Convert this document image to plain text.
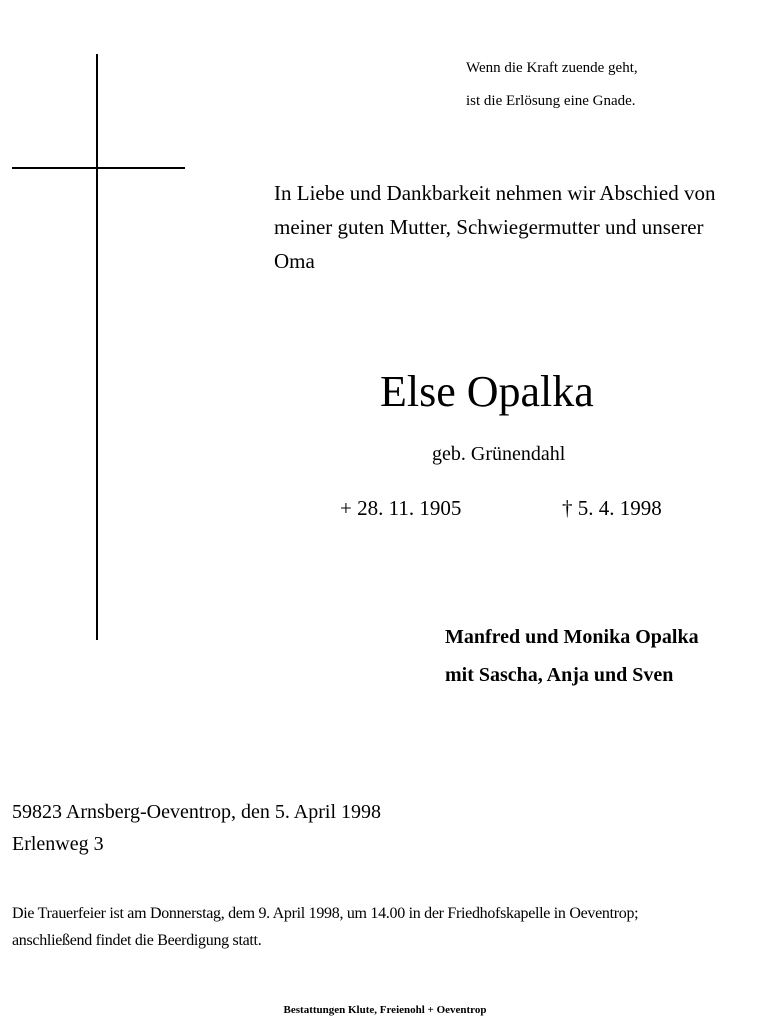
Wenn die Kraft zuende geht,
ist die Erlösung eine Gnade.
In Liebe und Dankbarkeit nehmen wir Abschied von
meiner guten Mutter, Schwiegermutter und unserer
Oma
Else Opalka
geb. Grünendahl
+ 28. 11. 1905	† 5. 4. 1998
Manfred und Monika Opalka
mit Sascha, Anja und Sven
59823 Arnsberg-Oeventrop, den 5. April 1998
Erlenweg 3
Die Trauerfeier ist am Donnerstag, dem 9. April 1998, um 14.00 in der Friedhofskapelle in Oeventrop;
anschließend findet die Beerdigung statt.
Bestattungen Klute, Freienohl + Oeventrop
